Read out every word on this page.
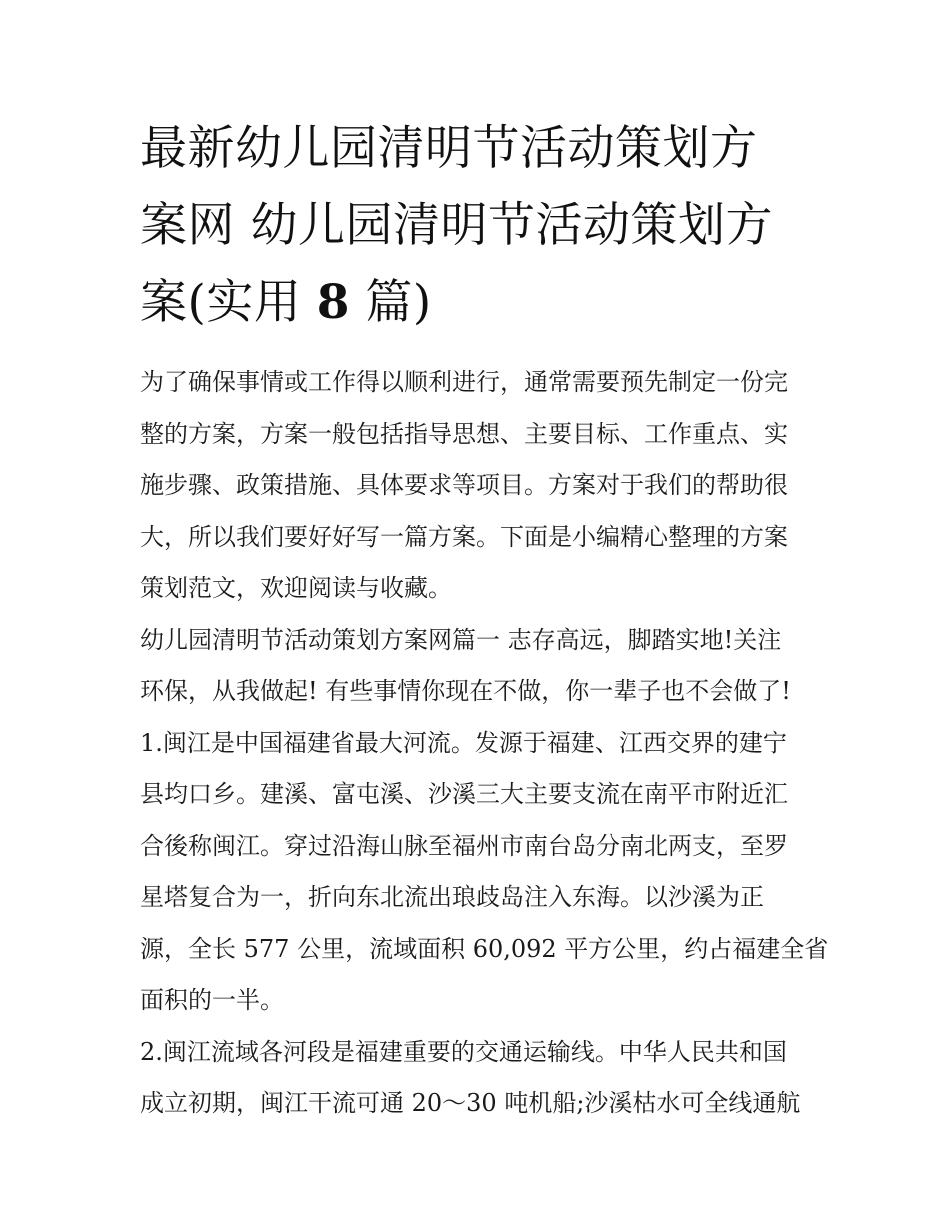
最新幼儿园清明节活动策划方
案网 幼儿园清明节活动策划方
案(实用 8 篇)

为了确保事情或工作得以顺利进行，通常需要预先制定一份完
整的方案，方案一般包括指导思想、主要目标、工作重点、实
施步骤、政策措施、具体要求等项目。方案对于我们的帮助很
大，所以我们要好好写一篇方案。下面是小编精心整理的方案
策划范文，欢迎阅读与收藏。

幼儿园清明节活动策划方案网篇一 志存高远，脚踏实地!关注
环保，从我做起! 有些事情你现在不做，你一辈子也不会做了!

1.闽江是中国福建省最大河流。发源于福建、江西交界的建宁
县均口乡。建溪、富屯溪、沙溪三大主要支流在南平市附近汇
合後称闽江。穿过沿海山脉至福州市南台岛分南北两支，至罗
星塔复合为一，折向东北流出琅歧岛注入东海。以沙溪为正
源，全长 577 公里，流域面积 60,092 平方公里，约占福建全省
面积的一半。

2.闽江流域各河段是福建重要的交通运输线。中华人民共和国
成立初期，闽江干流可通 20～30 吨机船;沙溪枯水可全线通航
